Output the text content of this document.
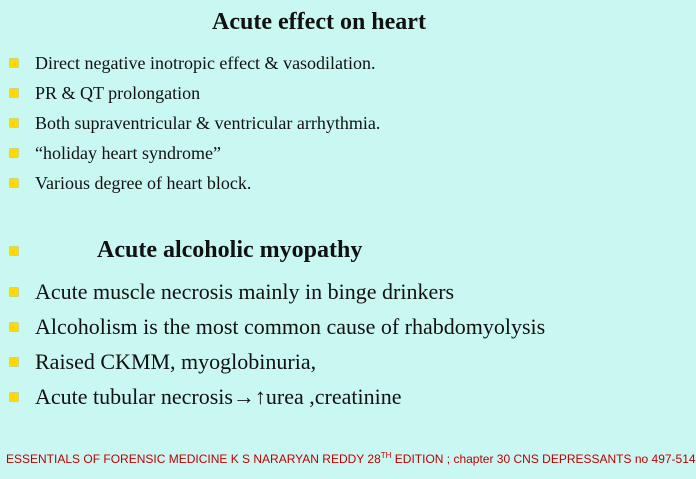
Acute effect on heart
Direct negative inotropic effect & vasodilation.
PR & QT prolongation
Both supraventricular & ventricular arrhythmia.
“holiday heart syndrome”
Various degree of heart block.
Acute alcoholic myopathy
Acute muscle necrosis mainly in binge drinkers
Alcoholism is the most common cause of rhabdomyolysis
Raised CKMM, myoglobinuria,
Acute tubular necrosis→↑urea ,creatinine
ESSENTIALS OF FORENSIC MEDICINE K S NARARYAN REDDY 28TH EDITION ; chapter 30 CNS DEPRESSANTS no 497-514
